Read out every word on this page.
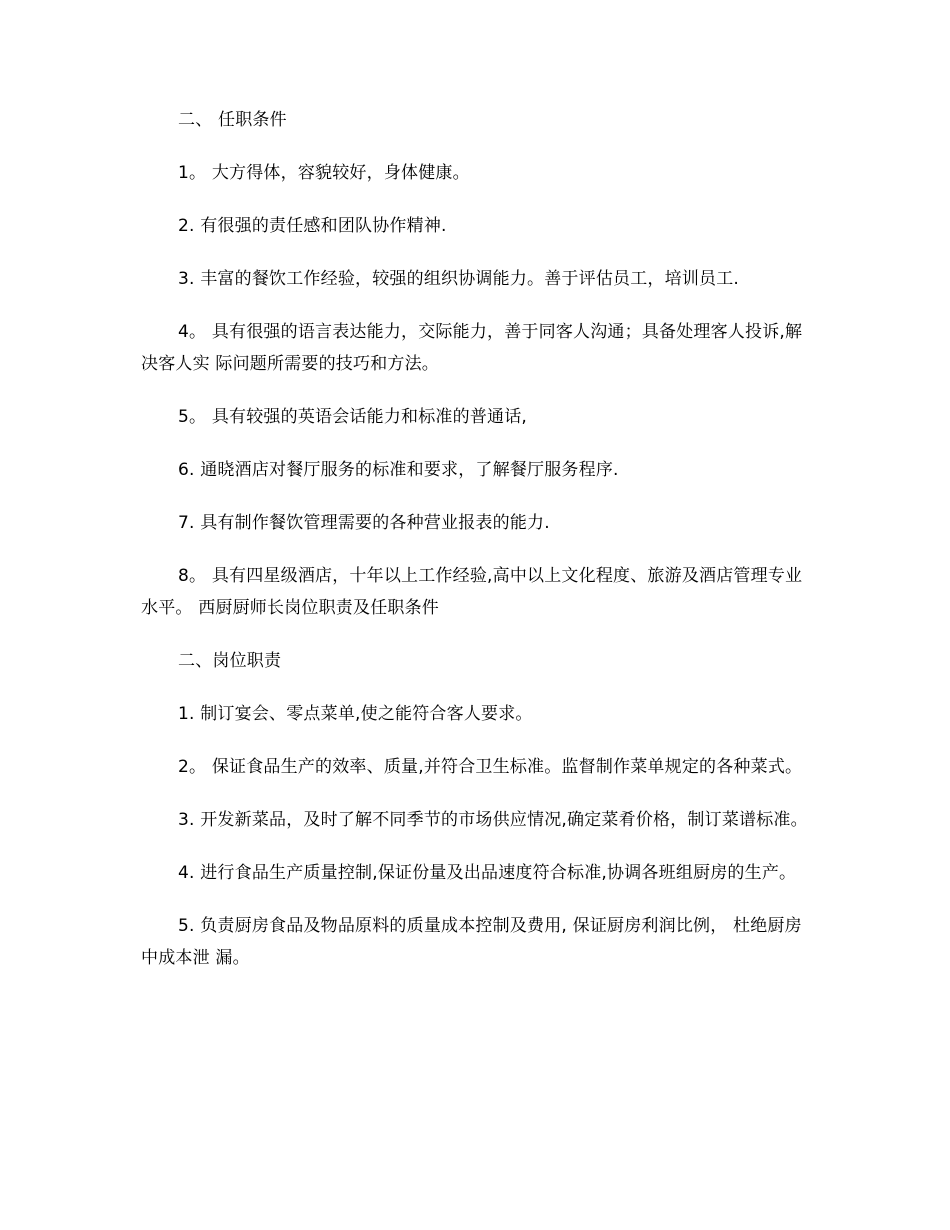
二、 任职条件

1。 大方得体，容貌较好，身体健康。

2. 有很强的责任感和团队协作精神.

3. 丰富的餐饮工作经验，较强的组织协调能力。善于评估员工，培训员工.

4。 具有很强的语言表达能力，交际能力，善于同客人沟通；具备处理客人投诉,解决客人实 际问题所需要的技巧和方法。

5。 具有较强的英语会话能力和标准的普通话,

6. 通晓酒店对餐厅服务的标准和要求，了解餐厅服务程序.

7. 具有制作餐饮管理需要的各种营业报表的能力.

8。 具有四星级酒店，十年以上工作经验,高中以上文化程度、旅游及酒店管理专业水平。 西厨厨师长岗位职责及任职条件

二、岗位职责

1. 制订宴会、零点菜单,使之能符合客人要求。

2。 保证食品生产的效率、质量,并符合卫生标准。监督制作菜单规定的各种菜式。

3. 开发新菜品，及时了解不同季节的市场供应情况,确定菜肴价格，制订菜谱标准。

4. 进行食品生产质量控制,保证份量及出品速度符合标准,协调各班组厨房的生产。

5. 负责厨房食品及物品原料的质量成本控制及费用, 保证厨房利润比例， 杜绝厨房中成本泄 漏。
